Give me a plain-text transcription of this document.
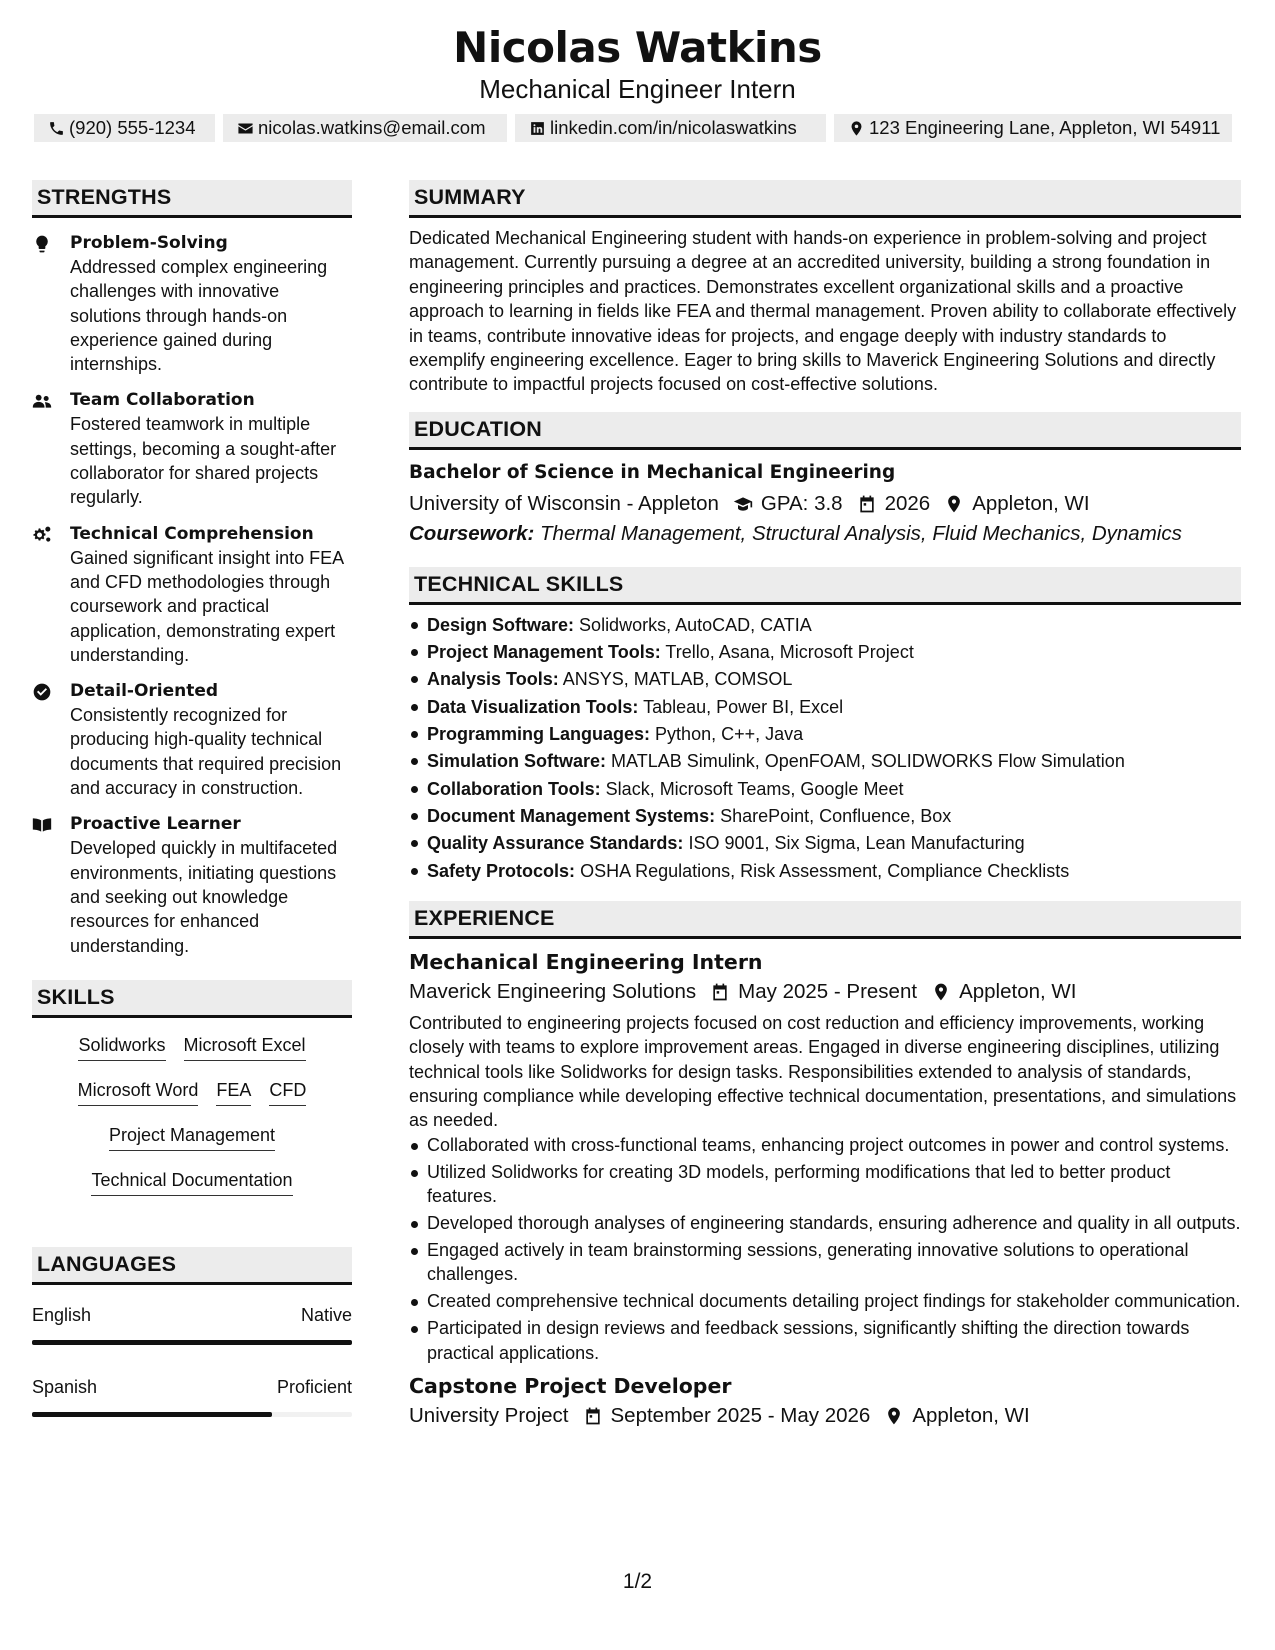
Nicolas Watkins
Mechanical Engineer Intern
(920) 555-1234	nicolas.watkins@email.com	linkedin.com/in/nicolaswatkins	123 Engineering Lane, Appleton, WI 54911
STRENGTHS
Problem-Solving
Addressed complex engineering challenges with innovative solutions through hands-on experience gained during internships.
Team Collaboration
Fostered teamwork in multiple settings, becoming a sought-after collaborator for shared projects regularly.
Technical Comprehension
Gained significant insight into FEA and CFD methodologies through coursework and practical application, demonstrating expert understanding.
Detail-Oriented
Consistently recognized for producing high-quality technical documents that required precision and accuracy in construction.
Proactive Learner
Developed quickly in multifaceted environments, initiating questions and seeking out knowledge resources for enhanced understanding.
SKILLS
Solidworks Microsoft Excel
Microsoft Word FEA CFD
Project Management
Technical Documentation
LANGUAGES
English	Native
Spanish	Proficient
SUMMARY
Dedicated Mechanical Engineering student with hands-on experience in problem-solving and project management. Currently pursuing a degree at an accredited university, building a strong foundation in engineering principles and practices. Demonstrates excellent organizational skills and a proactive approach to learning in fields like FEA and thermal management. Proven ability to collaborate effectively in teams, contribute innovative ideas for projects, and engage deeply with industry standards to exemplify engineering excellence. Eager to bring skills to Maverick Engineering Solutions and directly contribute to impactful projects focused on cost-effective solutions.
EDUCATION
Bachelor of Science in Mechanical Engineering
University of Wisconsin - Appleton GPA: 3.8 2026 Appleton, WI
Coursework: Thermal Management, Structural Analysis, Fluid Mechanics, Dynamics
TECHNICAL SKILLS
Design Software: Solidworks, AutoCAD, CATIA
Project Management Tools: Trello, Asana, Microsoft Project
Analysis Tools: ANSYS, MATLAB, COMSOL
Data Visualization Tools: Tableau, Power BI, Excel
Programming Languages: Python, C++, Java
Simulation Software: MATLAB Simulink, OpenFOAM, SOLIDWORKS Flow Simulation
Collaboration Tools: Slack, Microsoft Teams, Google Meet
Document Management Systems: SharePoint, Confluence, Box
Quality Assurance Standards: ISO 9001, Six Sigma, Lean Manufacturing
Safety Protocols: OSHA Regulations, Risk Assessment, Compliance Checklists
EXPERIENCE
Mechanical Engineering Intern
Maverick Engineering Solutions May 2025 - Present Appleton, WI
Contributed to engineering projects focused on cost reduction and efficiency improvements, working closely with teams to explore improvement areas. Engaged in diverse engineering disciplines, utilizing technical tools like Solidworks for design tasks. Responsibilities extended to analysis of standards, ensuring compliance while developing effective technical documentation, presentations, and simulations as needed.
Collaborated with cross-functional teams, enhancing project outcomes in power and control systems.
Utilized Solidworks for creating 3D models, performing modifications that led to better product features.
Developed thorough analyses of engineering standards, ensuring adherence and quality in all outputs.
Engaged actively in team brainstorming sessions, generating innovative solutions to operational challenges.
Created comprehensive technical documents detailing project findings for stakeholder communication.
Participated in design reviews and feedback sessions, significantly shifting the direction towards practical applications.
Capstone Project Developer
University Project September 2025 - May 2026 Appleton, WI
1/2
